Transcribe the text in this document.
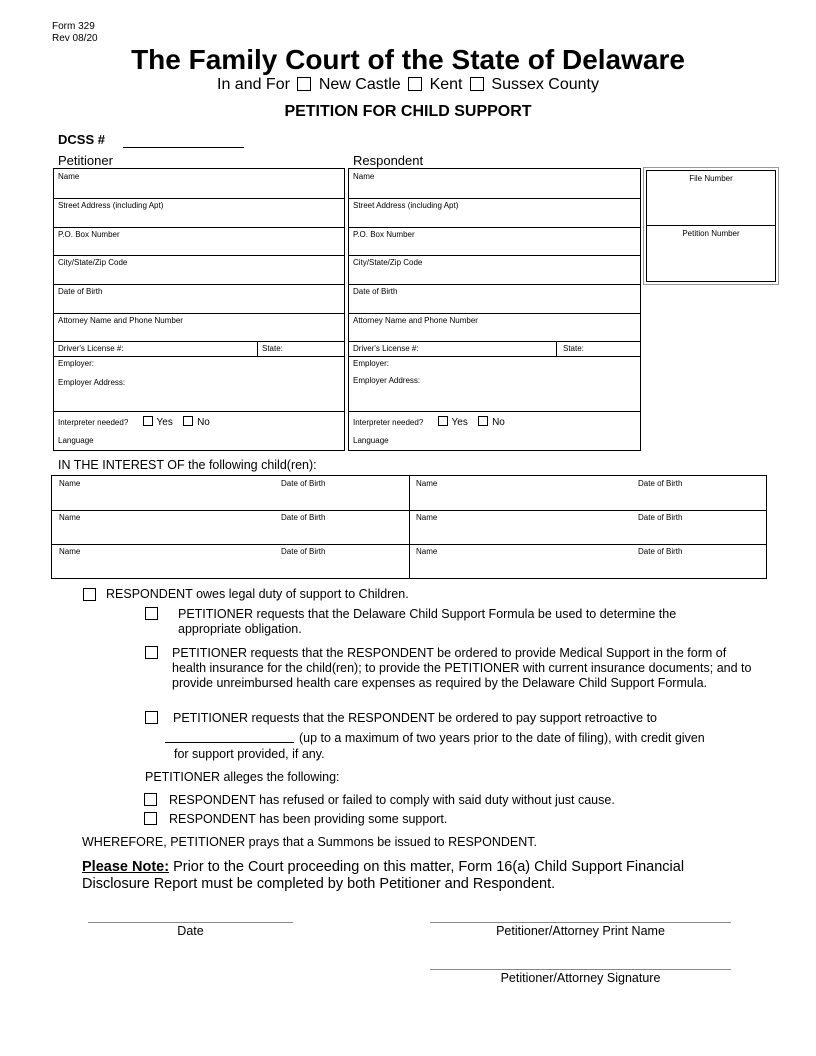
Form 329
Rev 08/20
The Family Court of the State of Delaware
In and For New Castle Kent Sussex County
PETITION FOR CHILD SUPPORT
DCSS #
Petitioner
Name
Street Address (including Apt)
P.O. Box Number
City/State/Zip Code
Date of Birth
Attorney Name and Phone Number
Driver's License #:	State:
Employer:
Employer Address:
Interpreter needed?	Yes No
Language
Respondent
Name
Street Address (including Apt)
P.O. Box Number
City/State/Zip Code
Date of Birth
Attorney Name and Phone Number
Driver's License #:	State:
Employer:
Employer Address:
Interpreter needed?	Yes No
Language
File Number
Petition Number
IN THE INTEREST OF the following child(ren):
Name	Date of Birth	Name	Date of Birth
Name	Date of Birth	Name	Date of Birth
Name	Date of Birth	Name	Date of Birth
RESPONDENT owes legal duty of support to Children.
PETITIONER requests that the Delaware Child Support Formula be used to determine the appropriate obligation.
PETITIONER requests that the RESPONDENT be ordered to provide Medical Support in the form of health insurance for the child(ren); to provide the PETITIONER with current insurance documents; and to provide unreimbursed health care expenses as required by the Delaware Child Support Formula.
PETITIONER requests that the RESPONDENT be ordered to pay support retroactive to
(up to a maximum of two years prior to the date of filing), with credit given
for support provided, if any.
PETITIONER alleges the following:
RESPONDENT has refused or failed to comply with said duty without just cause.
RESPONDENT has been providing some support.
WHEREFORE, PETITIONER prays that a Summons be issued to RESPONDENT.
Please Note: Prior to the Court proceeding on this matter, Form 16(a) Child Support Financial Disclosure Report must be completed by both Petitioner and Respondent.
Date	Petitioner/Attorney Print Name
Petitioner/Attorney Signature
